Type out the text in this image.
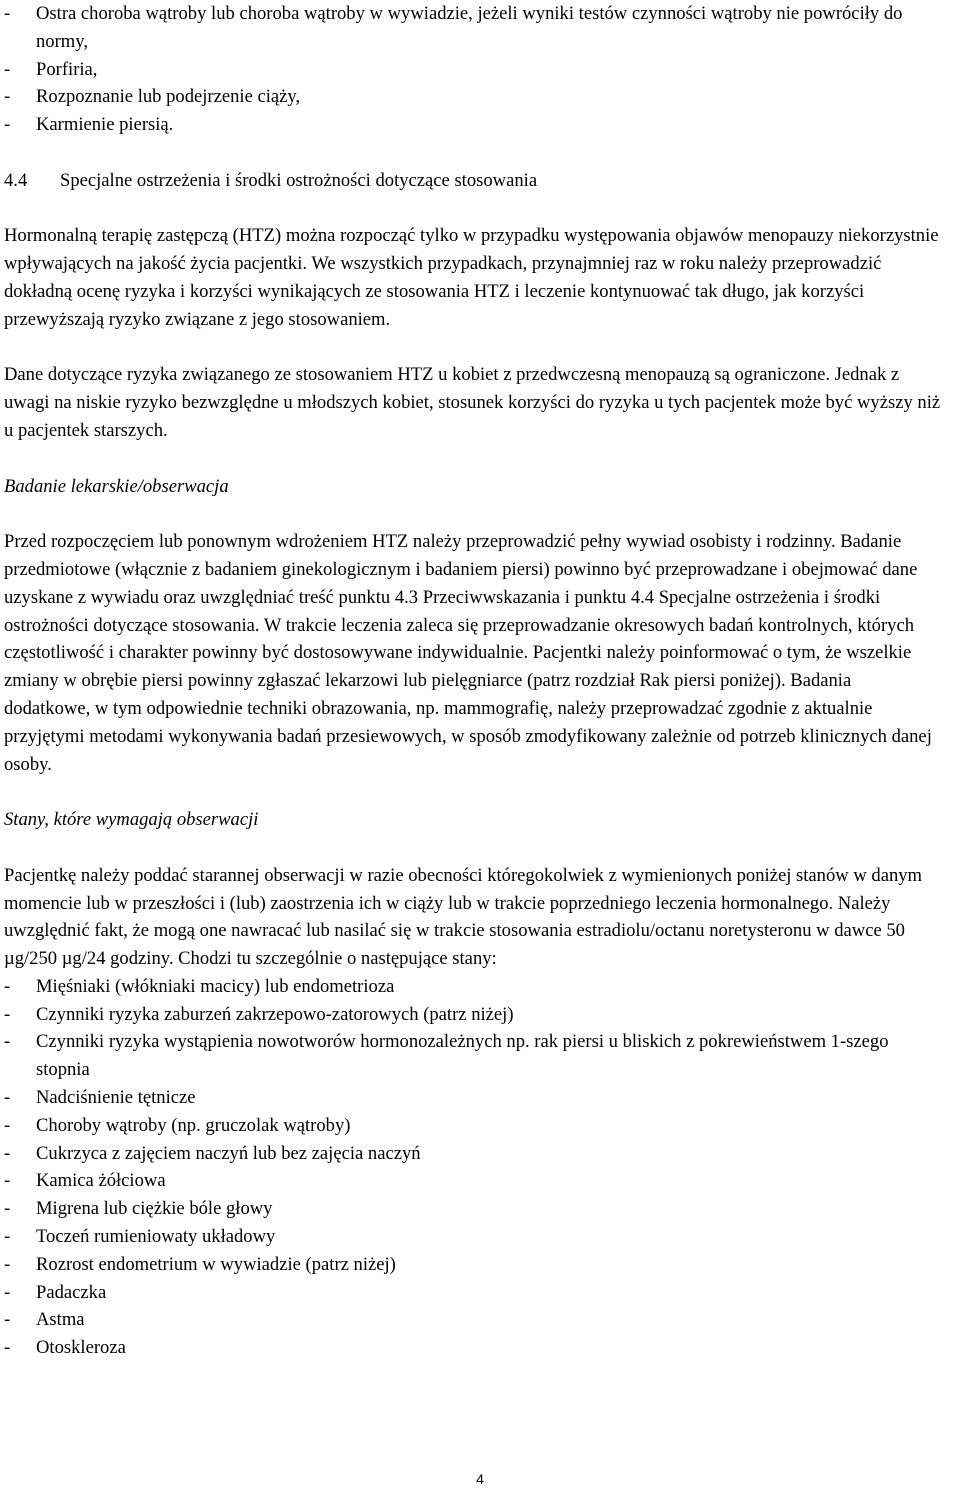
- Ostra choroba wątroby lub choroba wątroby w wywiadzie, jeżeli wyniki testów czynności wątroby nie powróciły do normy,
- Porfiria,
- Rozpoznanie lub podejrzenie ciąży,
- Karmienie piersią.
4.4 Specjalne ostrzeżenia i środki ostrożności dotyczące stosowania

Hormonalną terapię zastępczą (HTZ) można rozpocząć tylko w przypadku występowania objawów menopauzy niekorzystnie wpływających na jakość życia pacjentki. We wszystkich przypadkach, przynajmniej raz w roku należy przeprowadzić dokładną ocenę ryzyka i korzyści wynikających ze stosowania HTZ i leczenie kontynuować tak długo, jak korzyści przewyższają ryzyko związane z jego stosowaniem.

Dane dotyczące ryzyka związanego ze stosowaniem HTZ u kobiet z przedwczesną menopauzą są ograniczone. Jednak z uwagi na niskie ryzyko bezwzględne u młodszych kobiet, stosunek korzyści do ryzyka u tych pacjentek może być wyższy niż u pacjentek starszych.

Badanie lekarskie/obserwacja

Przed rozpoczęciem lub ponownym wdrożeniem HTZ należy przeprowadzić pełny wywiad osobisty i rodzinny. Badanie przedmiotowe (włącznie z badaniem ginekologicznym i badaniem piersi) powinno być przeprowadzane i obejmować dane uzyskane z wywiadu oraz uwzględniać treść punktu 4.3 Przeciwwskazania i punktu 4.4 Specjalne ostrzeżenia i środki ostrożności dotyczące stosowania. W trakcie leczenia zaleca się przeprowadzanie okresowych badań kontrolnych, których częstotliwość i charakter powinny być dostosowywane indywidualnie. Pacjentki należy poinformować o tym, że wszelkie zmiany w obrębie piersi powinny zgłaszać lekarzowi lub pielęgniarce (patrz rozdział Rak piersi poniżej). Badania dodatkowe, w tym odpowiednie techniki obrazowania, np. mammografię, należy przeprowadzać zgodnie z aktualnie przyjętymi metodami wykonywania badań przesiewowych, w sposób zmodyfikowany zależnie od potrzeb klinicznych danej osoby.

Stany, które wymagają obserwacji

Pacjentkę należy poddać starannej obserwacji w razie obecności któregokolwiek z wymienionych poniżej stanów w danym momencie lub w przeszłości i (lub) zaostrzenia ich w ciąży lub w trakcie poprzedniego leczenia hormonalnego. Należy uwzględnić fakt, że mogą one nawracać lub nasilać się w trakcie stosowania estradiolu/octanu noretysteronu w dawce 50 µg/250 µg/24 godziny. Chodzi tu szczególnie o następujące stany:

- Mięśniaki (włókniaki macicy) lub endometrioza
- Czynniki ryzyka zaburzeń zakrzepowo-zatorowych (patrz niżej)
- Czynniki ryzyka wystąpienia nowotworów hormonozależnych np. rak piersi u bliskich z pokrewieństwem 1-szego stopnia
- Nadciśnienie tętnicze
- Choroby wątroby (np. gruczolak wątroby)
- Cukrzyca z zajęciem naczyń lub bez zajęcia naczyń
- Kamica żółciowa
- Migrena lub ciężkie bóle głowy
- Toczeń rumieniowaty układowy
- Rozrost endometrium w wywiadzie (patrz niżej)
- Padaczka
- Astma
- Otoskleroza
4
